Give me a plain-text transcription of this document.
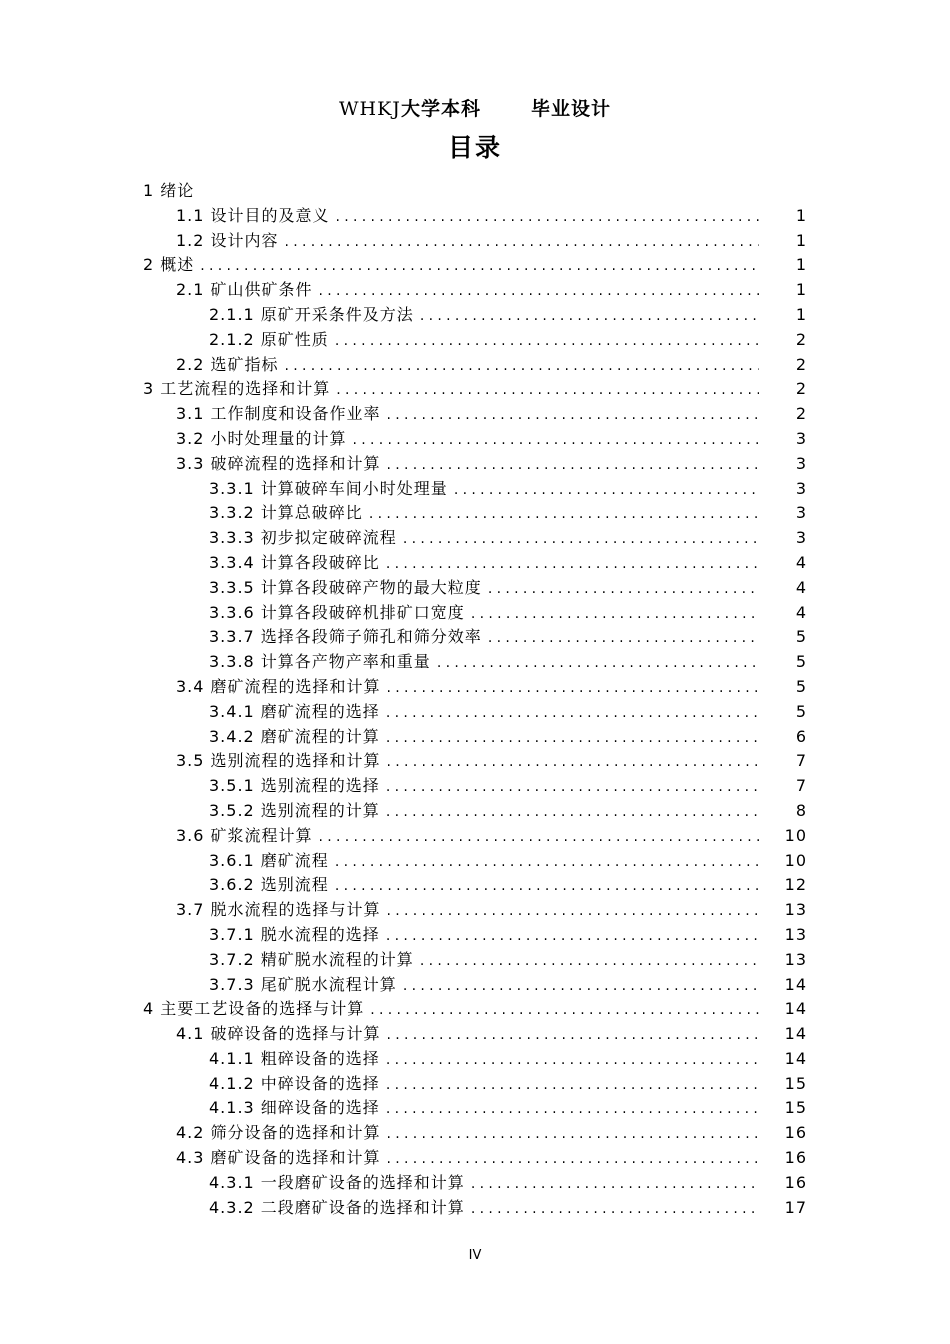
WHKJ大学本科	毕业设计
目录
1 绪论
1.1 设计目的及意义 .....	1
1.2 设计内容 .....	1
2 概述 .....	1
2.1 矿山供矿条件 .....	1
2.1.1 原矿开采条件及方法 .....	1
2.1.2 原矿性质 .....	2
2.2 选矿指标 .....	2
3 工艺流程的选择和计算 .....	2
3.1 工作制度和设备作业率 .....	2
3.2 小时处理量的计算 .....	3
3.3 破碎流程的选择和计算 .....	3
3.3.1 计算破碎车间小时处理量 .....	3
3.3.2 计算总破碎比 .....	3
3.3.3 初步拟定破碎流程 .....	3
3.3.4 计算各段破碎比 .....	4
3.3.5 计算各段破碎产物的最大粒度 .....	4
3.3.6 计算各段破碎机排矿口宽度 .....	4
3.3.7 选择各段筛子筛孔和筛分效率 .....	5
3.3.8 计算各产物产率和重量 .....	5
3.4 磨矿流程的选择和计算 .....	5
3.4.1 磨矿流程的选择 .....	5
3.4.2 磨矿流程的计算 .....	6
3.5 选别流程的选择和计算 .....	7
3.5.1 选别流程的选择 .....	7
3.5.2 选别流程的计算 .....	8
3.6 矿浆流程计算 .....	10
3.6.1 磨矿流程 .....	10
3.6.2 选别流程 .....	12
3.7 脱水流程的选择与计算 .....	13
3.7.1 脱水流程的选择 .....	13
3.7.2 精矿脱水流程的计算 .....	13
3.7.3 尾矿脱水流程计算 .....	14
4 主要工艺设备的选择与计算 .....	14
4.1 破碎设备的选择与计算 .....	14
4.1.1 粗碎设备的选择 .....	14
4.1.2 中碎设备的选择 .....	15
4.1.3 细碎设备的选择 .....	15
4.2 筛分设备的选择和计算 .....	16
4.3 磨矿设备的选择和计算 .....	16
4.3.1 一段磨矿设备的选择和计算 .....	16
4.3.2 二段磨矿设备的选择和计算 .....	17
IV
